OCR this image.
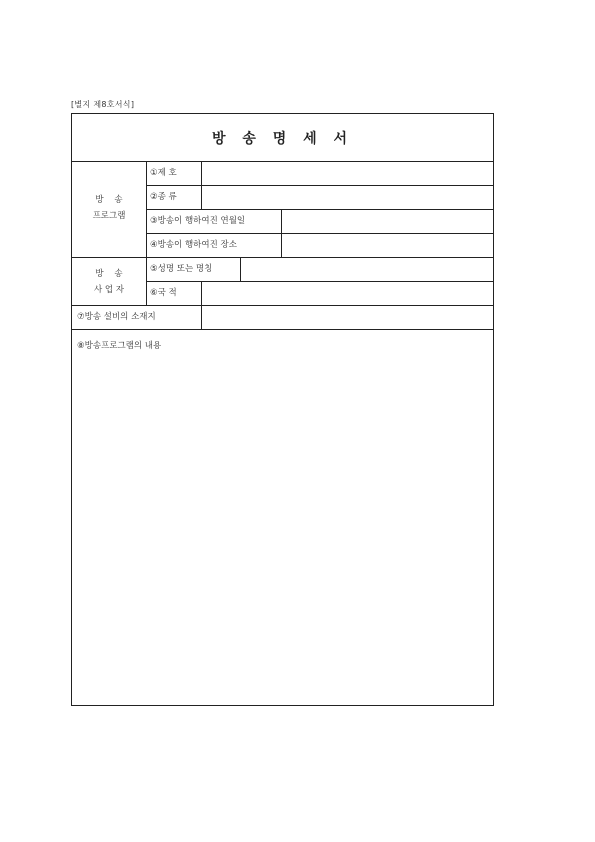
[별지 제8호서식]
방 송 명 세 서
방    송
프로그램
방    송
사 업 자
①제 호
②종 류
③방송이 행하여진 연월일
④방송이 행하여진 장소
⑤성명 또는 명칭
⑥국 적
⑦방송 설비의 소재지
⑧방송프로그램의 내용
